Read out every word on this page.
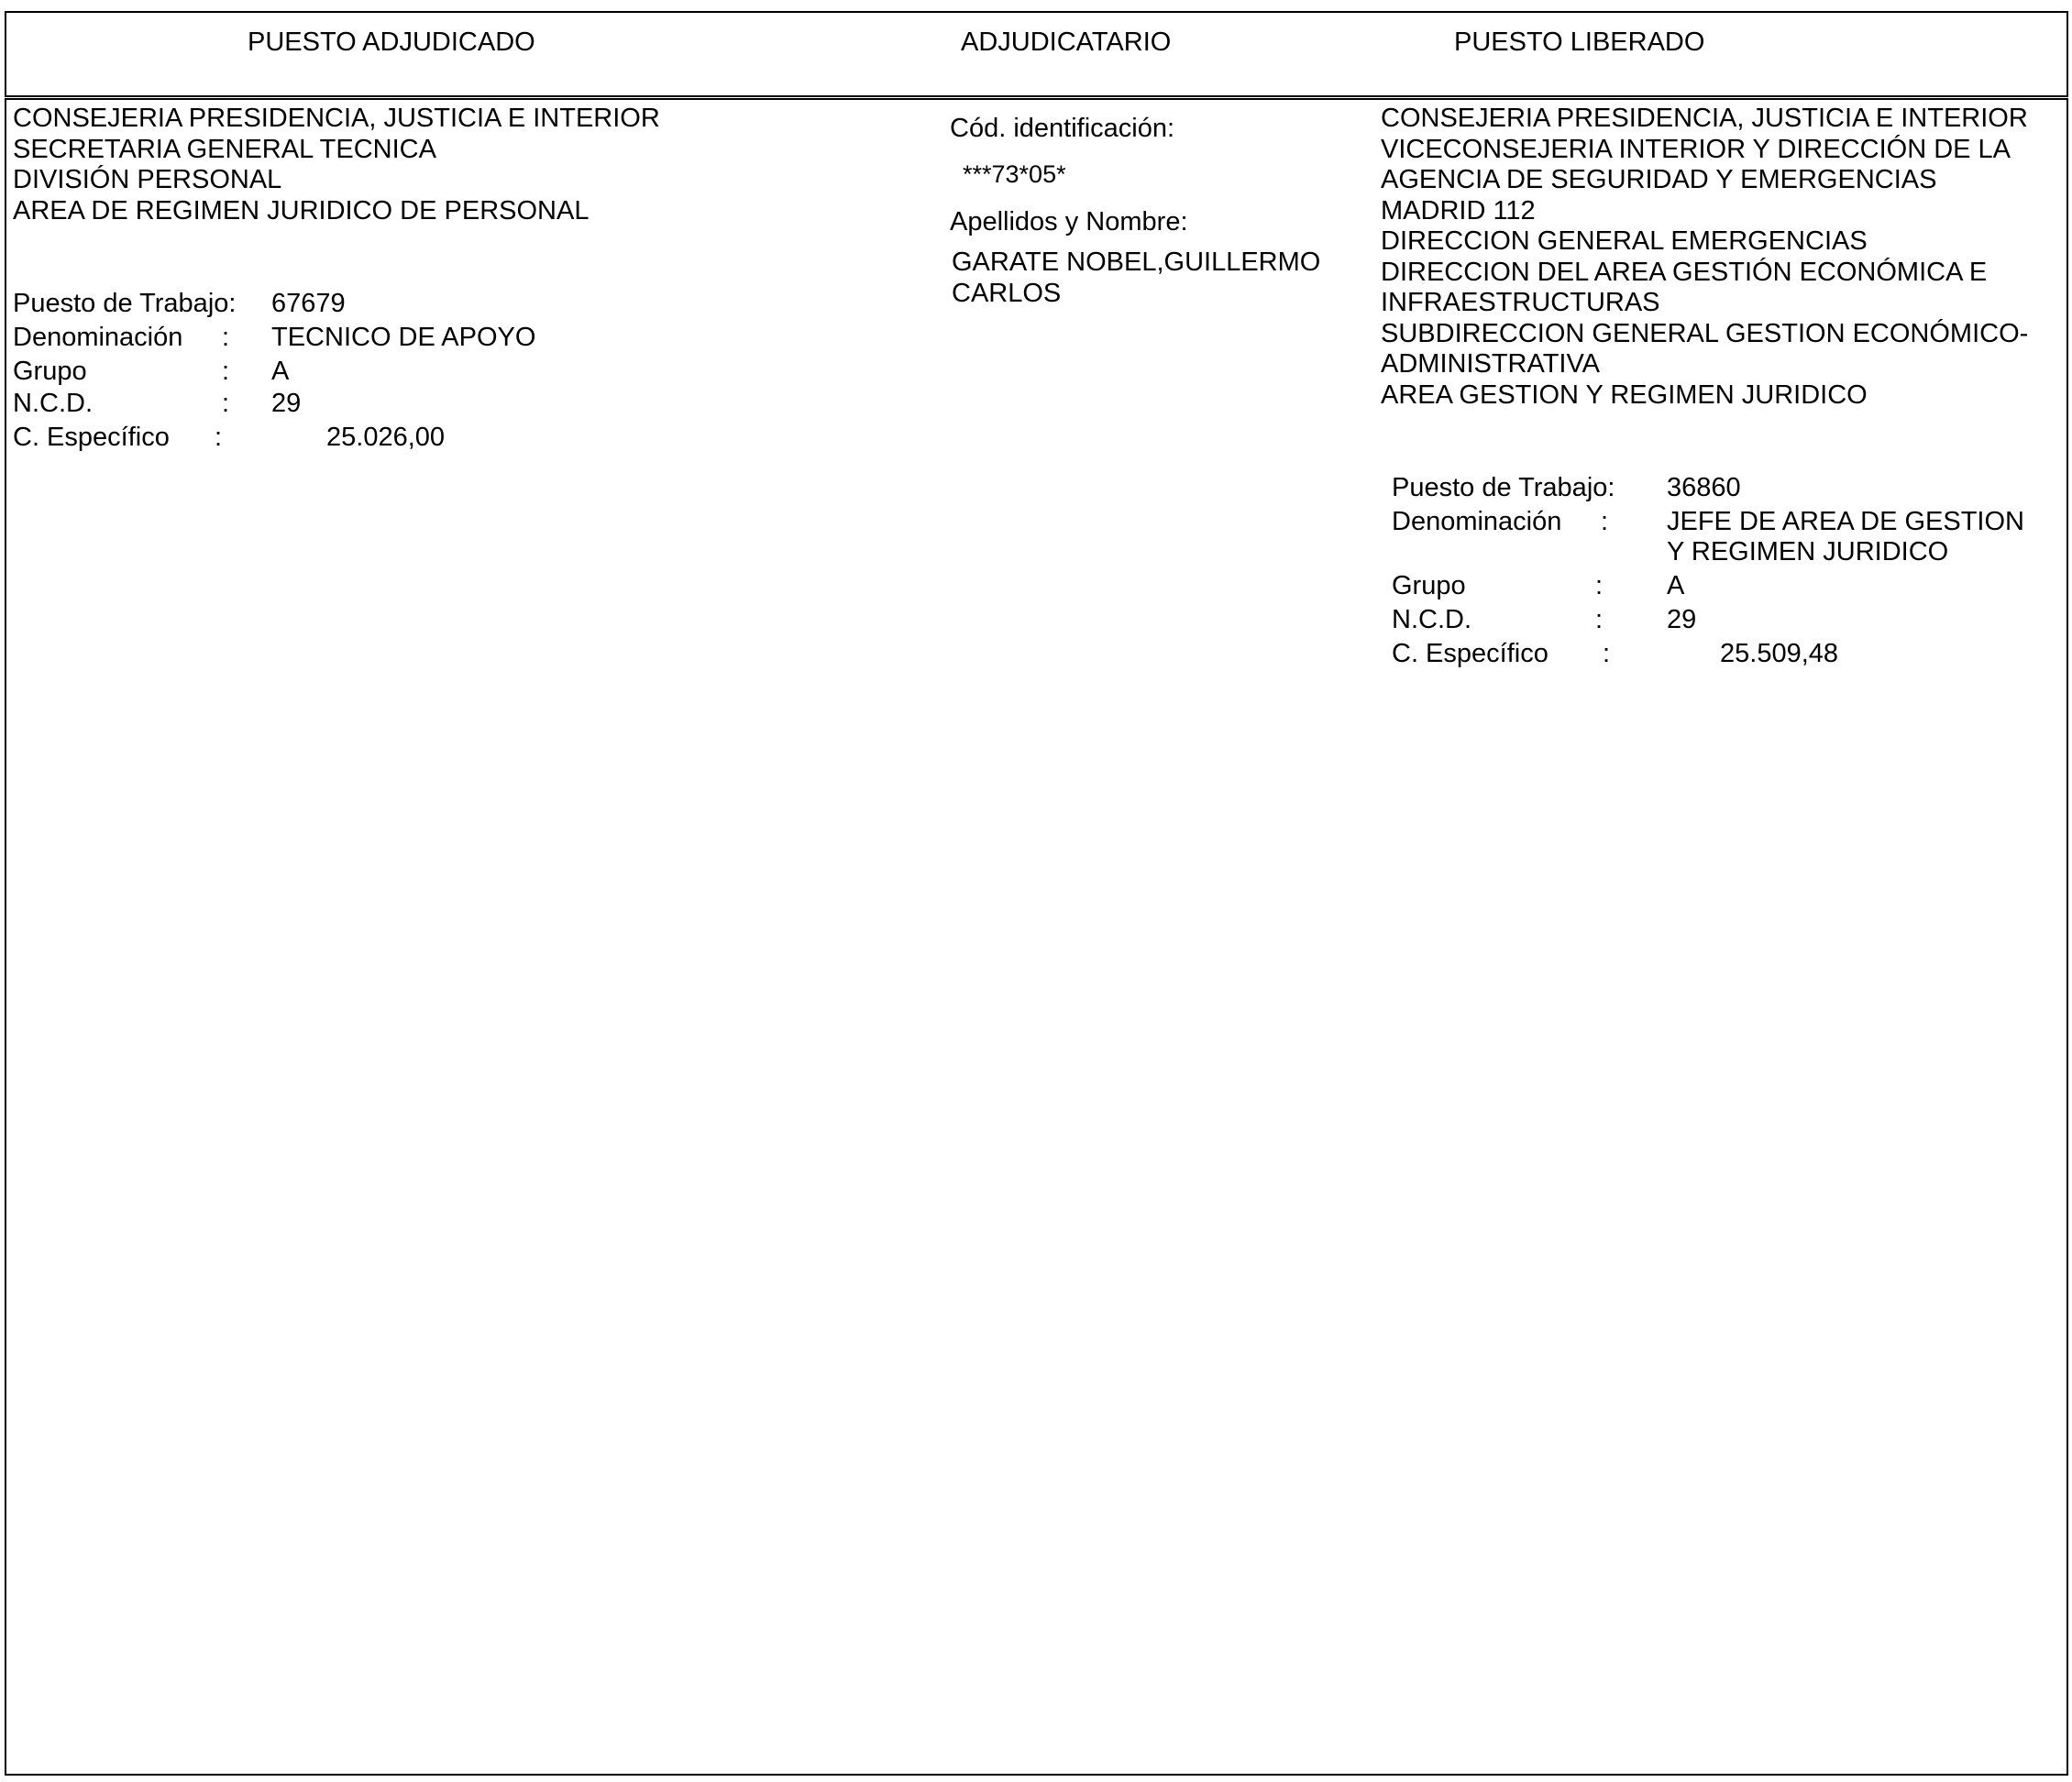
PUESTO ADJUDICADO	ADJUDICATARIO	PUESTO LIBERADO
CONSEJERIA PRESIDENCIA, JUSTICIA E INTERIOR
SECRETARIA GENERAL TECNICA
DIVISIÓN PERSONAL
AREA DE REGIMEN JURIDICO DE PERSONAL
Puesto de Trabajo: 67679
Denominación : TECNICO DE APOYO
Grupo	: A
N.C.D.	: 29
C. Específico :	25.026,00
Cód. identificación:
***73*05*
Apellidos y Nombre:
GARATE NOBEL,GUILLERMO CARLOS
CONSEJERIA PRESIDENCIA, JUSTICIA E INTERIOR
VICECONSEJERIA INTERIOR Y DIRECCIÓN DE LA
AGENCIA DE SEGURIDAD Y EMERGENCIAS
MADRID 112
DIRECCION GENERAL EMERGENCIAS
DIRECCION DEL AREA GESTIÓN ECONÓMICA E
INFRAESTRUCTURAS
SUBDIRECCION GENERAL GESTION ECONÓMICO-
ADMINISTRATIVA
AREA GESTION Y REGIMEN JURIDICO
Puesto de Trabajo: 36860
Denominación : JEFE DE AREA DE GESTION
Y REGIMEN JURIDICO
Grupo	: A
N.C.D.	: 29
C. Específico :	25.509,48
